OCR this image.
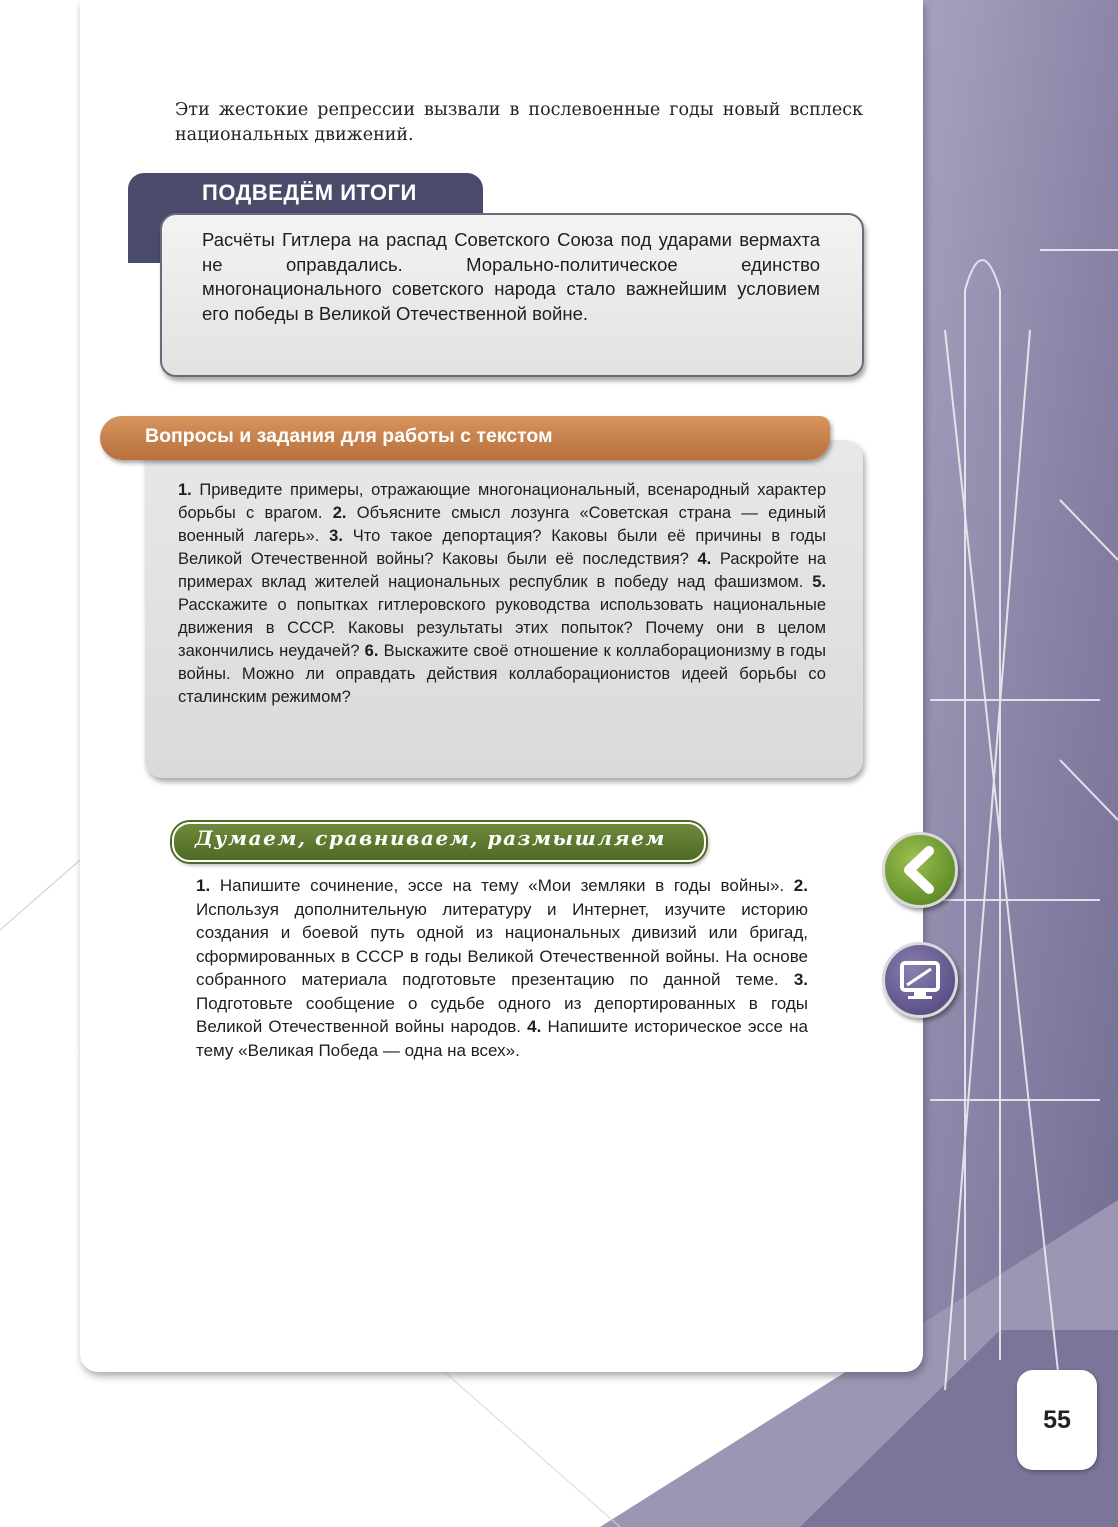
Эти жестокие репрессии вызвали в послевоенные годы новый всплеск национальных движений.

ПОДВЕДЁМ ИТОГИ

Расчёты Гитлера на распад Советского Союза под ударами вермахта не оправдались. Морально-политическое единство многонационального советского народа стало важнейшим условием его победы в Великой Отечественной войне.

Вопросы и задания для работы с текстом

1. Приведите примеры, отражающие многонациональный, всенародный характер борьбы с врагом. 2. Объясните смысл лозунга «Советская страна — единый военный лагерь». 3. Что такое депортация? Каковы были её причины в годы Великой Отечественной войны? Каковы были её последствия? 4. Раскройте на примерах вклад жителей национальных республик в победу над фашизмом. 5. Расскажите о попытках гитлеровского руководства использовать национальные движения в СССР. Каковы результаты этих попыток? Почему они в целом закончились неудачей? 6. Выскажите своё отношение к коллаборационизму в годы войны. Можно ли оправдать действия коллаборационистов идеей борьбы со сталинским режимом?

Думаем, сравниваем, размышляем

1. Напишите сочинение, эссе на тему «Мои земляки в годы войны». 2. Используя дополнительную литературу и Интернет, изучите историю создания и боевой путь одной из национальных дивизий или бригад, сформированных в СССР в годы Великой Отечественной войны. На основе собранного материала подготовьте презентацию по данной теме. 3. Подготовьте сообщение о судьбе одного из депортированных в годы Великой Отечественной войны народов. 4. Напишите историческое эссе на тему «Великая Победа — одна на всех».

55
